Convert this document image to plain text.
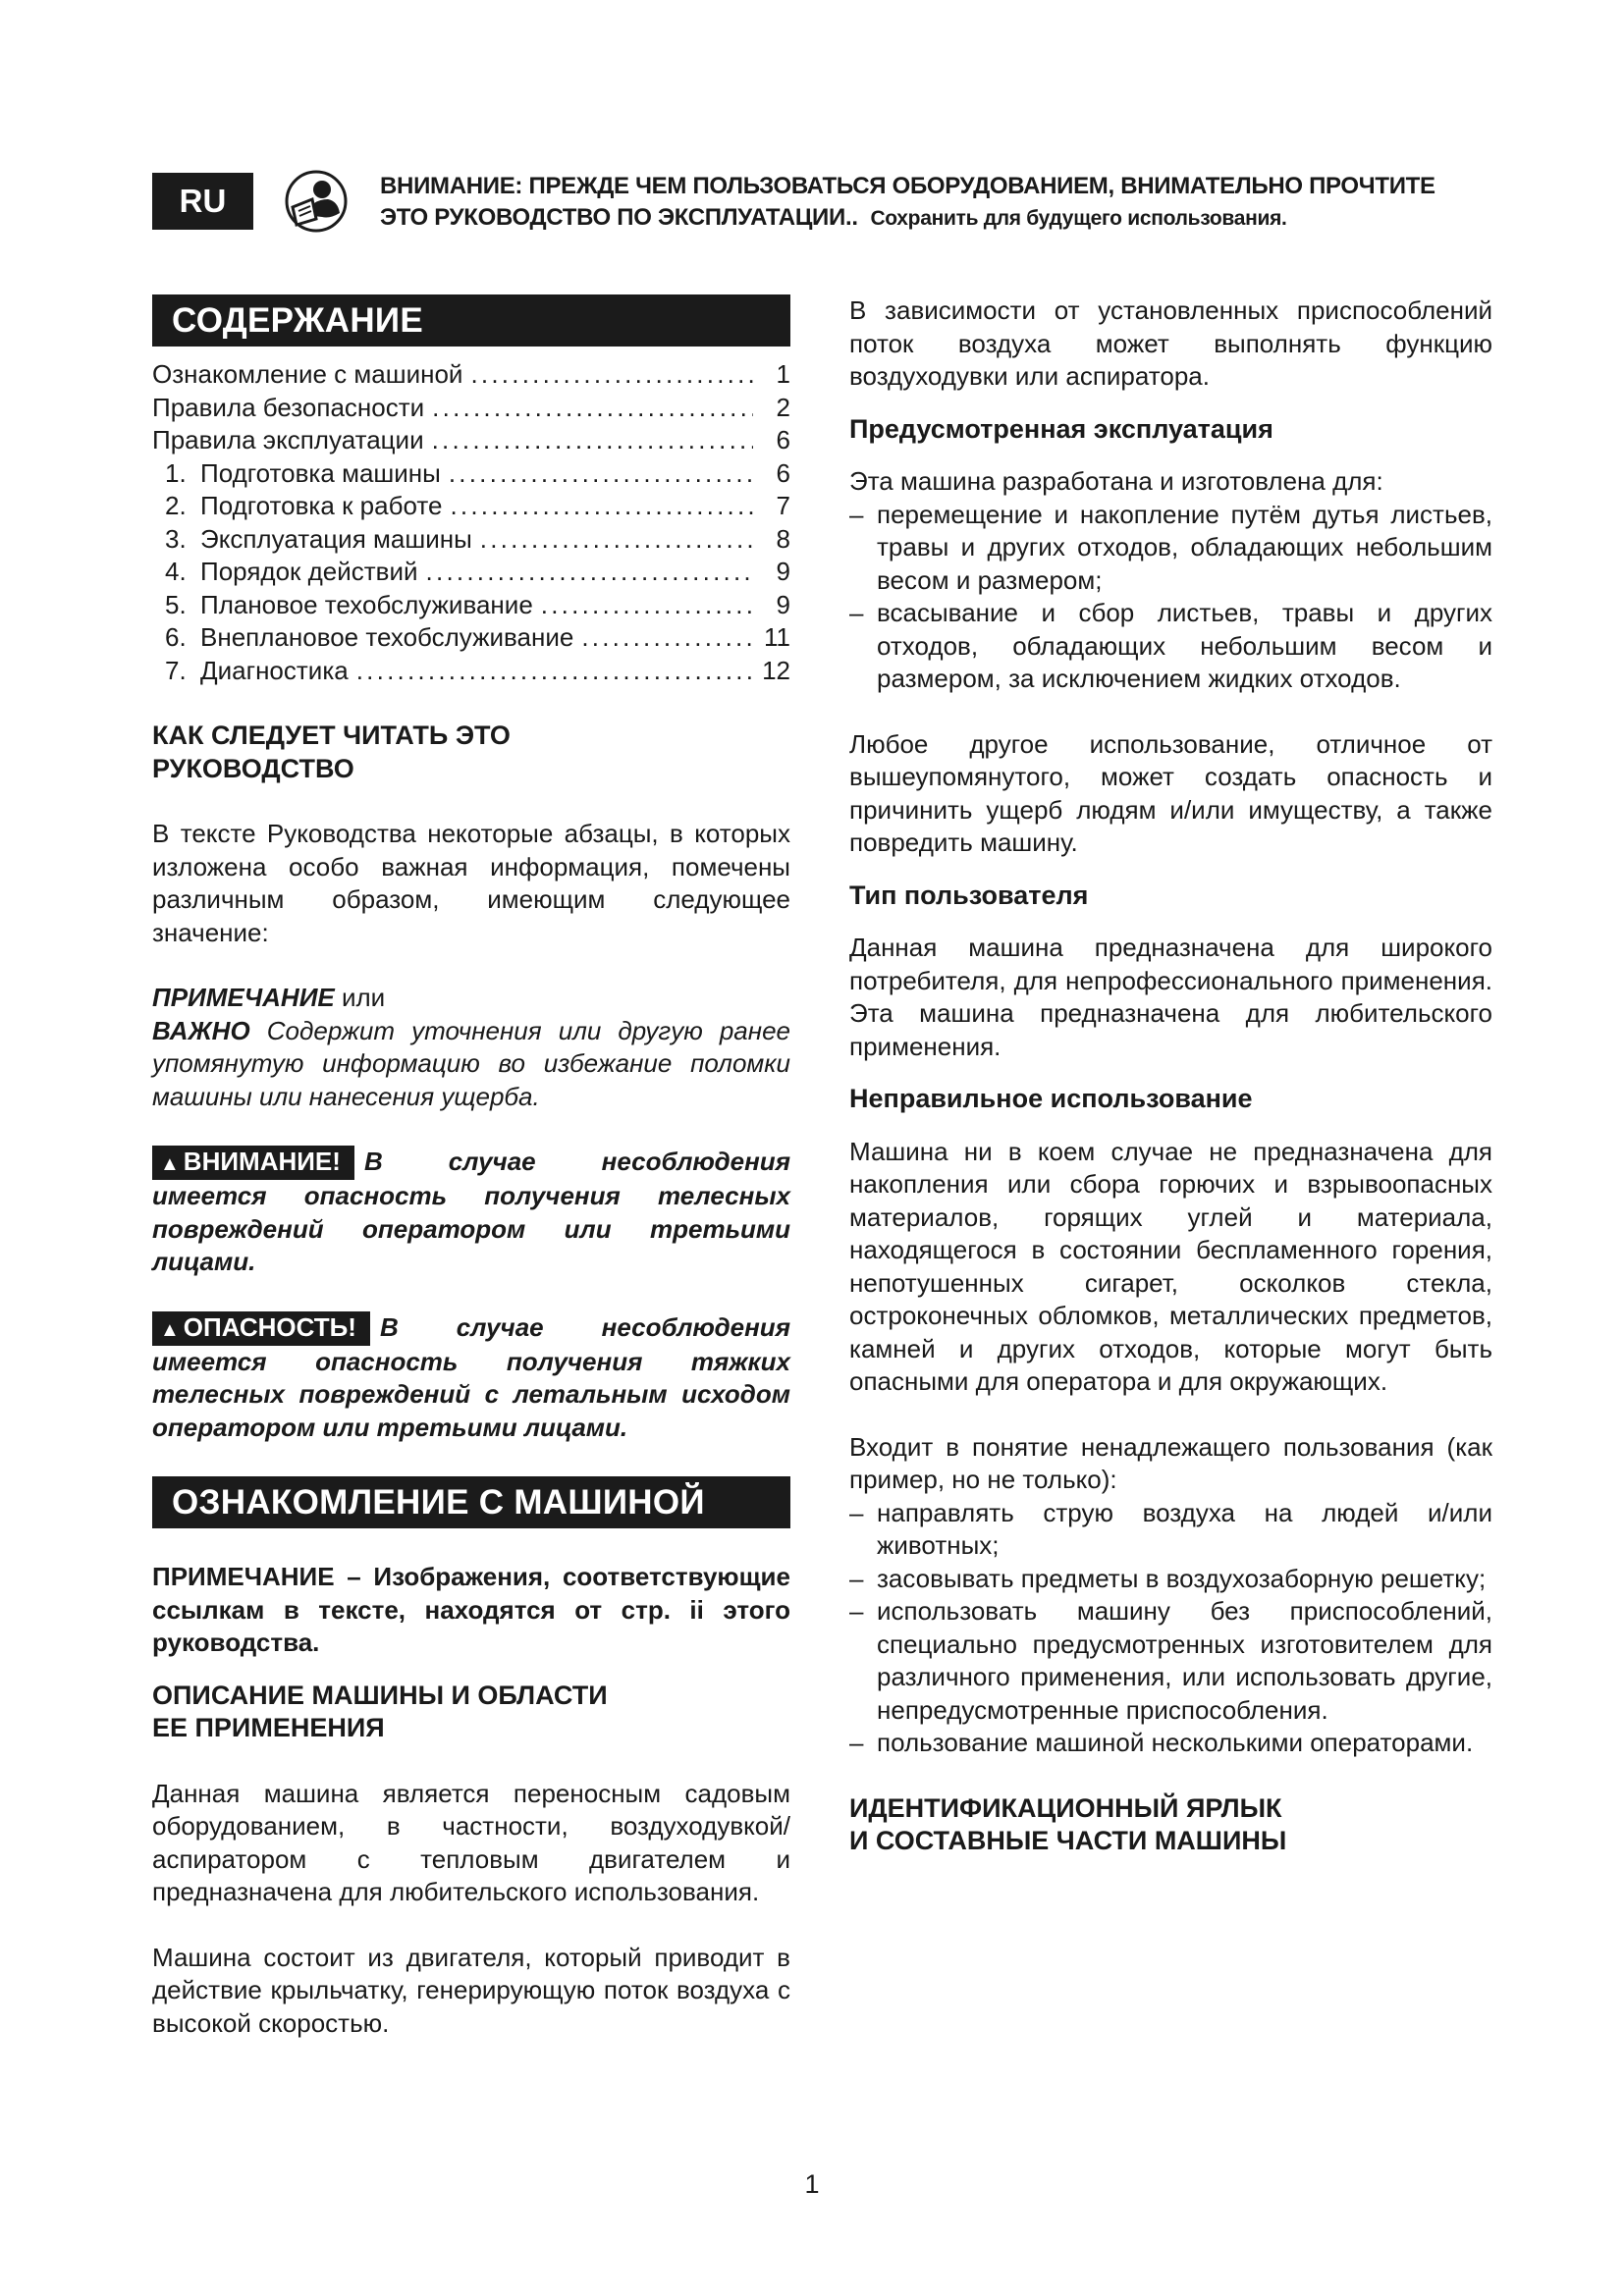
RU	ВНИМАНИЕ: ПРЕЖДЕ ЧЕМ ПОЛЬЗОВАТЬСЯ ОБОРУДОВАНИЕМ, ВНИМАТЕЛЬНО ПРОЧТИТЕ
ЭТО РУКОВОДСТВО ПО ЭКСПЛУАТАЦИИ.. Сохранить для будущего использования.
СОДЕРЖАНИЕ
Ознакомление с машиной . . .	1
Правила безопасности . . .	2
Правила эксплуатации . . .	6
1. Подготовка машины . . .	6
2. Подготовка к работе . . .	7
3. Эксплуатация машины . . .	8
4. Порядок действий . . .	9
5. Плановое техобслуживание . . .	9
6. Внеплановое техобслуживание . . .	11
7. Диагностика . . .	12
КАК СЛЕДУЕТ ЧИТАТЬ ЭТО
РУКОВОДСТВО

В тексте Руководства некоторые абзацы, в которых изложена особо важная информация, помечены различным образом, имеющим следующее значение:

ПРИМЕЧАНИЕ или

ВАЖНО Содержит уточнения или другую ранее упомянутую информацию во избежание поломки машины или нанесения ущерба.

▲ ВНИМАНИЕ! В случае несоблюдения имеется опасность получения телесных повреждений оператором или третьими лицами.

▲ ОПАСНОСТЬ! В случае несоблюдения имеется опасность получения тяжких телесных повреждений с летальным исходом оператором или третьими лицами.

ОЗНАКОМЛЕНИЕ С МАШИНОЙ

ПРИМЕЧАНИЕ – Изображения, соответствующие ссылкам в тексте, находятся от стр. ii этого руководства.

ОПИСАНИЕ МАШИНЫ И ОБЛАСТИ
ЕЕ ПРИМЕНЕНИЯ

Данная машина является переносным садовым оборудованием, в частности, воздуходувкой/аспиратором с тепловым двигателем и предназначена для любительского использования.

Машина состоит из двигателя, который приводит в действие крыльчатку, генерирующую поток воздуха с высокой скоростью.

В зависимости от установленных приспособлений поток воздуха может выполнять функцию воздуходувки или аспиратора.

Предусмотренная эксплуатация

Эта машина разработана и изготовлена для:

– перемещение и накопление путём дутья листьев, травы и других отходов, обладающих небольшим весом и размером;
– всасывание и сбор листьев, травы и других отходов, обладающих небольшим весом и размером, за исключением жидких отходов.

Любое другое использование, отличное от вышеупомянутого, может создать опасность и причинить ущерб людям и/или имуществу, а также повредить машину.

Тип пользователя

Данная машина предназначена для широкого потребителя, для непрофессионального применения. Эта машина предназначена для любительского применения.

Неправильное использование

Машина ни в коем случае не предназначена для накопления или сбора горючих и взрывоопасных материалов, горящих углей и материала, находящегося в состоянии беспламенного горения, непотушенных сигарет, осколков стекла, остроконечных обломков, металлических предметов, камней и других отходов, которые могут быть опасными для оператора и для окружающих.

Входит в понятие ненадлежащего пользования (как пример, но не только):

– направлять струю воздуха на людей и/или животных;
– засовывать предметы в воздухозаборную решетку;
– использовать машину без приспособлений, специально предусмотренных изготовителем для различного применения, или использовать другие, непредусмотренные приспособления.
– пользование машиной несколькими операторами.
ИДЕНТИФИКАЦИОННЫЙ ЯРЛЫК
И СОСТАВНЫЕ ЧАСТИ МАШИНЫ
1
